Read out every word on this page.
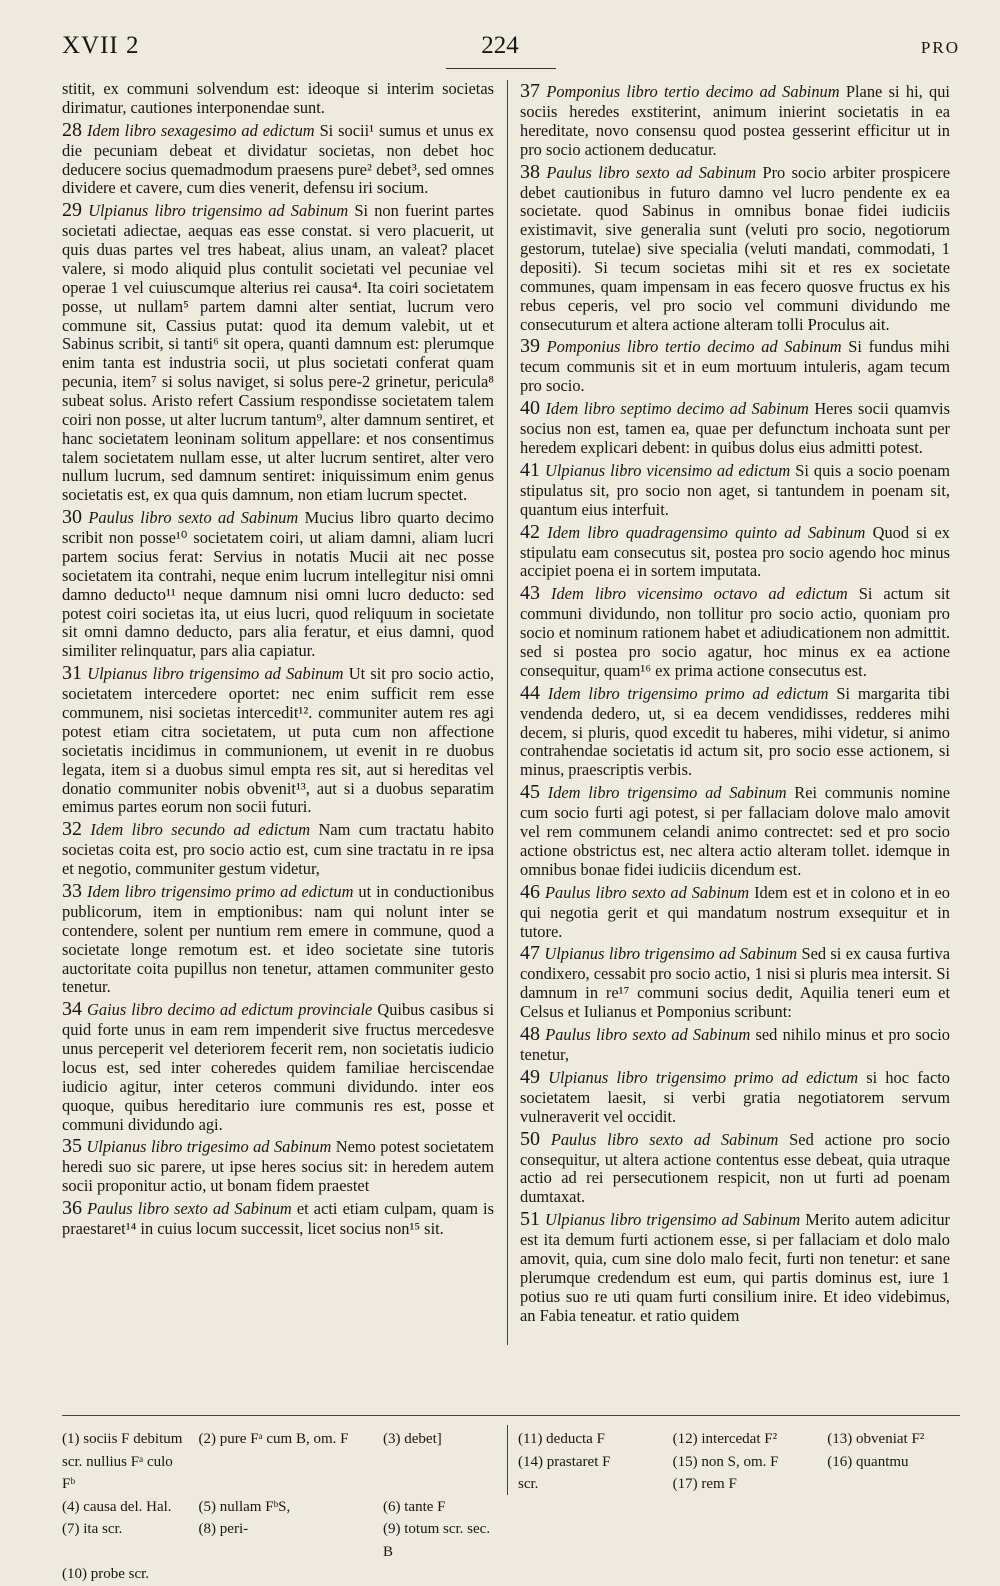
XVII 2	224	PRO

stitit, ex communi solvendum est: ideoque si interim societas dirimatur, cautiones interponendae sunt.

28 Idem libro sexagesimo ad edictum Si socii¹ sumus et unus ex die pecuniam debeat et dividatur societas, non debet hoc deducere socius quemadmodum praesens pure² debet³, sed omnes dividere et cavere, cum dies venerit, defensu iri socium.

29 Ulpianus libro trigensimo ad Sabinum Si non fuerint partes societati adiectae, aequas eas esse constat. si vero placuerit, ut quis duas partes vel tres habeat, alius unam, an valeat? placet valere, si modo aliquid plus contulit societati vel pecuniae vel operae 1 vel cuiuscumque alterius rei causa⁴. Ita coiri societatem posse, ut nullam⁵ partem damni alter sentiat, lucrum vero commune sit, Cassius putat: quod ita demum valebit, ut et Sabinus scribit, si tanti⁶ sit opera, quanti damnum est: plerumque enim tanta est industria socii, ut plus societati conferat quam pecunia, item⁷ si solus naviget, si solus pere-2 grinetur, pericula⁸ subeat solus. Aristo refert Cassium respondisse societatem talem coiri non posse, ut alter lucrum tantum⁹, alter damnum sentiret, et hanc societatem leoninam solitum appellare: et nos consentimus talem societatem nullam esse, ut alter lucrum sentiret, alter vero nullum lucrum, sed damnum sentiret: iniquissimum enim genus societatis est, ex qua quis damnum, non etiam lucrum spectet.

30 Paulus libro sexto ad Sabinum Mucius libro quarto decimo scribit non posse¹⁰ societatem coiri, ut aliam damni, aliam lucri partem socius ferat: Servius in notatis Mucii ait nec posse societatem ita contrahi, neque enim lucrum intellegitur nisi omni damno deducto¹¹ neque damnum nisi omni lucro deducto: sed potest coiri societas ita, ut eius lucri, quod reliquum in societate sit omni damno deducto, pars alia feratur, et eius damni, quod similiter relinquatur, pars alia capiatur.

31 Ulpianus libro trigensimo ad Sabinum Ut sit pro socio actio, societatem intercedere oportet: nec enim sufficit rem esse communem, nisi societas intercedit¹². communiter autem res agi potest etiam citra societatem, ut puta cum non affectione societatis incidimus in communionem, ut evenit in re duobus legata, item si a duobus simul empta res sit, aut si hereditas vel donatio communiter nobis obvenit¹³, aut si a duobus separatim emimus partes eorum non socii futuri.

32 Idem libro secundo ad edictum Nam cum tractatu habito societas coita est, pro socio actio est, cum sine tractatu in re ipsa et negotio, communiter gestum videtur,

33 Idem libro trigensimo primo ad edictum ut in conductionibus publicorum, item in emptionibus: nam qui nolunt inter se contendere, solent per nuntium rem emere in commune, quod a societate longe remotum est. et ideo societate sine tutoris auctoritate coita pupillus non tenetur, attamen communiter gesto tenetur.

34 Gaius libro decimo ad edictum provinciale Quibus casibus si quid forte unus in eam rem impenderit sive fructus mercedesve unus perceperit vel deteriorem fecerit rem, non societatis iudicio locus est, sed inter coheredes quidem familiae herciscendae iudicio agitur, inter ceteros communi dividundo. inter eos quoque, quibus hereditario iure communis res est, posse et communi dividundo agi.

35 Ulpianus libro trigesimo ad Sabinum Nemo potest societatem heredi suo sic parere, ut ipse heres socius sit: in heredem autem socii proponitur actio, ut bonam fidem praestet

36 Paulus libro sexto ad Sabinum et acti etiam culpam, quam is praestaret¹⁴ in cuius locum successit, licet socius non¹⁵ sit.

37 Pomponius libro tertio decimo ad Sabinum Plane si hi, qui sociis heredes exstiterint, animum inierint societatis in ea hereditate, novo consensu quod postea gesserint efficitur ut in pro socio actionem deducatur.

38 Paulus libro sexto ad Sabinum Pro socio arbiter prospicere debet cautionibus in futuro damno vel lucro pendente ex ea societate. quod Sabinus in omnibus bonae fidei iudiciis existimavit, sive generalia sunt (veluti pro socio, negotiorum gestorum, tutelae) sive specialia (veluti mandati, commodati, 1 depositi). Si tecum societas mihi sit et res ex societate communes, quam impensam in eas fecero quosve fructus ex his rebus ceperis, vel pro socio vel communi dividundo me consecuturum et altera actione alteram tolli Proculus ait.

39 Pomponius libro tertio decimo ad Sabinum Si fundus mihi tecum communis sit et in eum mortuum intuleris, agam tecum pro socio.

40 Idem libro septimo decimo ad Sabinum Heres socii quamvis socius non est, tamen ea, quae per defunctum inchoata sunt per heredem explicari debent: in quibus dolus eius admitti potest.

41 Ulpianus libro vicensimo ad edictum Si quis a socio poenam stipulatus sit, pro socio non aget, si tantundem in poenam sit, quantum eius interfuit.

42 Idem libro quadragensimo quinto ad Sabinum Quod si ex stipulatu eam consecutus sit, postea pro socio agendo hoc minus accipiet poena ei in sortem imputata.

43 Idem libro vicensimo octavo ad edictum Si actum sit communi dividundo, non tollitur pro socio actio, quoniam pro socio et nominum rationem habet et adiudicationem non admittit. sed si postea pro socio agatur, hoc minus ex ea actione consequitur, quam¹⁶ ex prima actione consecutus est.

44 Idem libro trigensimo primo ad edictum Si margarita tibi vendenda dedero, ut, si ea decem vendidisses, redderes mihi decem, si pluris, quod excedit tu haberes, mihi videtur, si animo contrahendae societatis id actum sit, pro socio esse actionem, si minus, praescriptis verbis.

45 Idem libro trigensimo ad Sabinum Rei communis nomine cum socio furti agi potest, si per fallaciam dolove malo amovit vel rem communem celandi animo contrectet: sed et pro socio actione obstrictus est, nec altera actio alteram tollet. idemque in omnibus bonae fidei iudiciis dicendum est.

46 Paulus libro sexto ad Sabinum Idem est et in colono et in eo qui negotia gerit et qui mandatum nostrum exsequitur et in tutore.

47 Ulpianus libro trigensimo ad Sabinum Sed si ex causa furtiva condixero, cessabit pro socio actio, 1 nisi si pluris mea intersit. Si damnum in re¹⁷ communi socius dedit, Aquilia teneri eum et Celsus et Iulianus et Pomponius scribunt:

48 Paulus libro sexto ad Sabinum sed nihilo minus et pro socio tenetur,

49 Ulpianus libro trigensimo primo ad edictum si hoc facto societatem laesit, si verbi gratia negotiatorem servum vulneraverit vel occidit.

50 Paulus libro sexto ad Sabinum Sed actione pro socio consequitur, ut altera actione contentus esse debeat, quia utraque actio ad rei persecutionem respicit, non ut furti ad poenam dumtaxat.

51 Ulpianus libro trigensimo ad Sabinum Merito autem adicitur est ita demum furti actionem esse, si per fallaciam et dolo malo amovit, quia, cum sine dolo malo fecit, furti non tenetur: et sane plerumque credendum est eum, qui partis dominus est, iure 1 potius suo re uti quam furti consilium inire. Et ideo videbimus, an Fabia teneatur. et ratio quidem

(1) sociis F debitum scr. nullius Fᵃ culo Fᵇ
(2) pure Fᵃ cum B, om. F	(3) debet]
(4) causa del. Hal.	(5) nullam FᵇS,	(6) tante F
(7) ita scr.	(8) peri-	(9) totum scr. sec. B
(10) probe scr.
(11) deducta F	(12) intercedat F²	(13) obveniat F²
(14) prastaret F	(15) non S, om. F	(16) quantmu
scr.	(17) rem F
